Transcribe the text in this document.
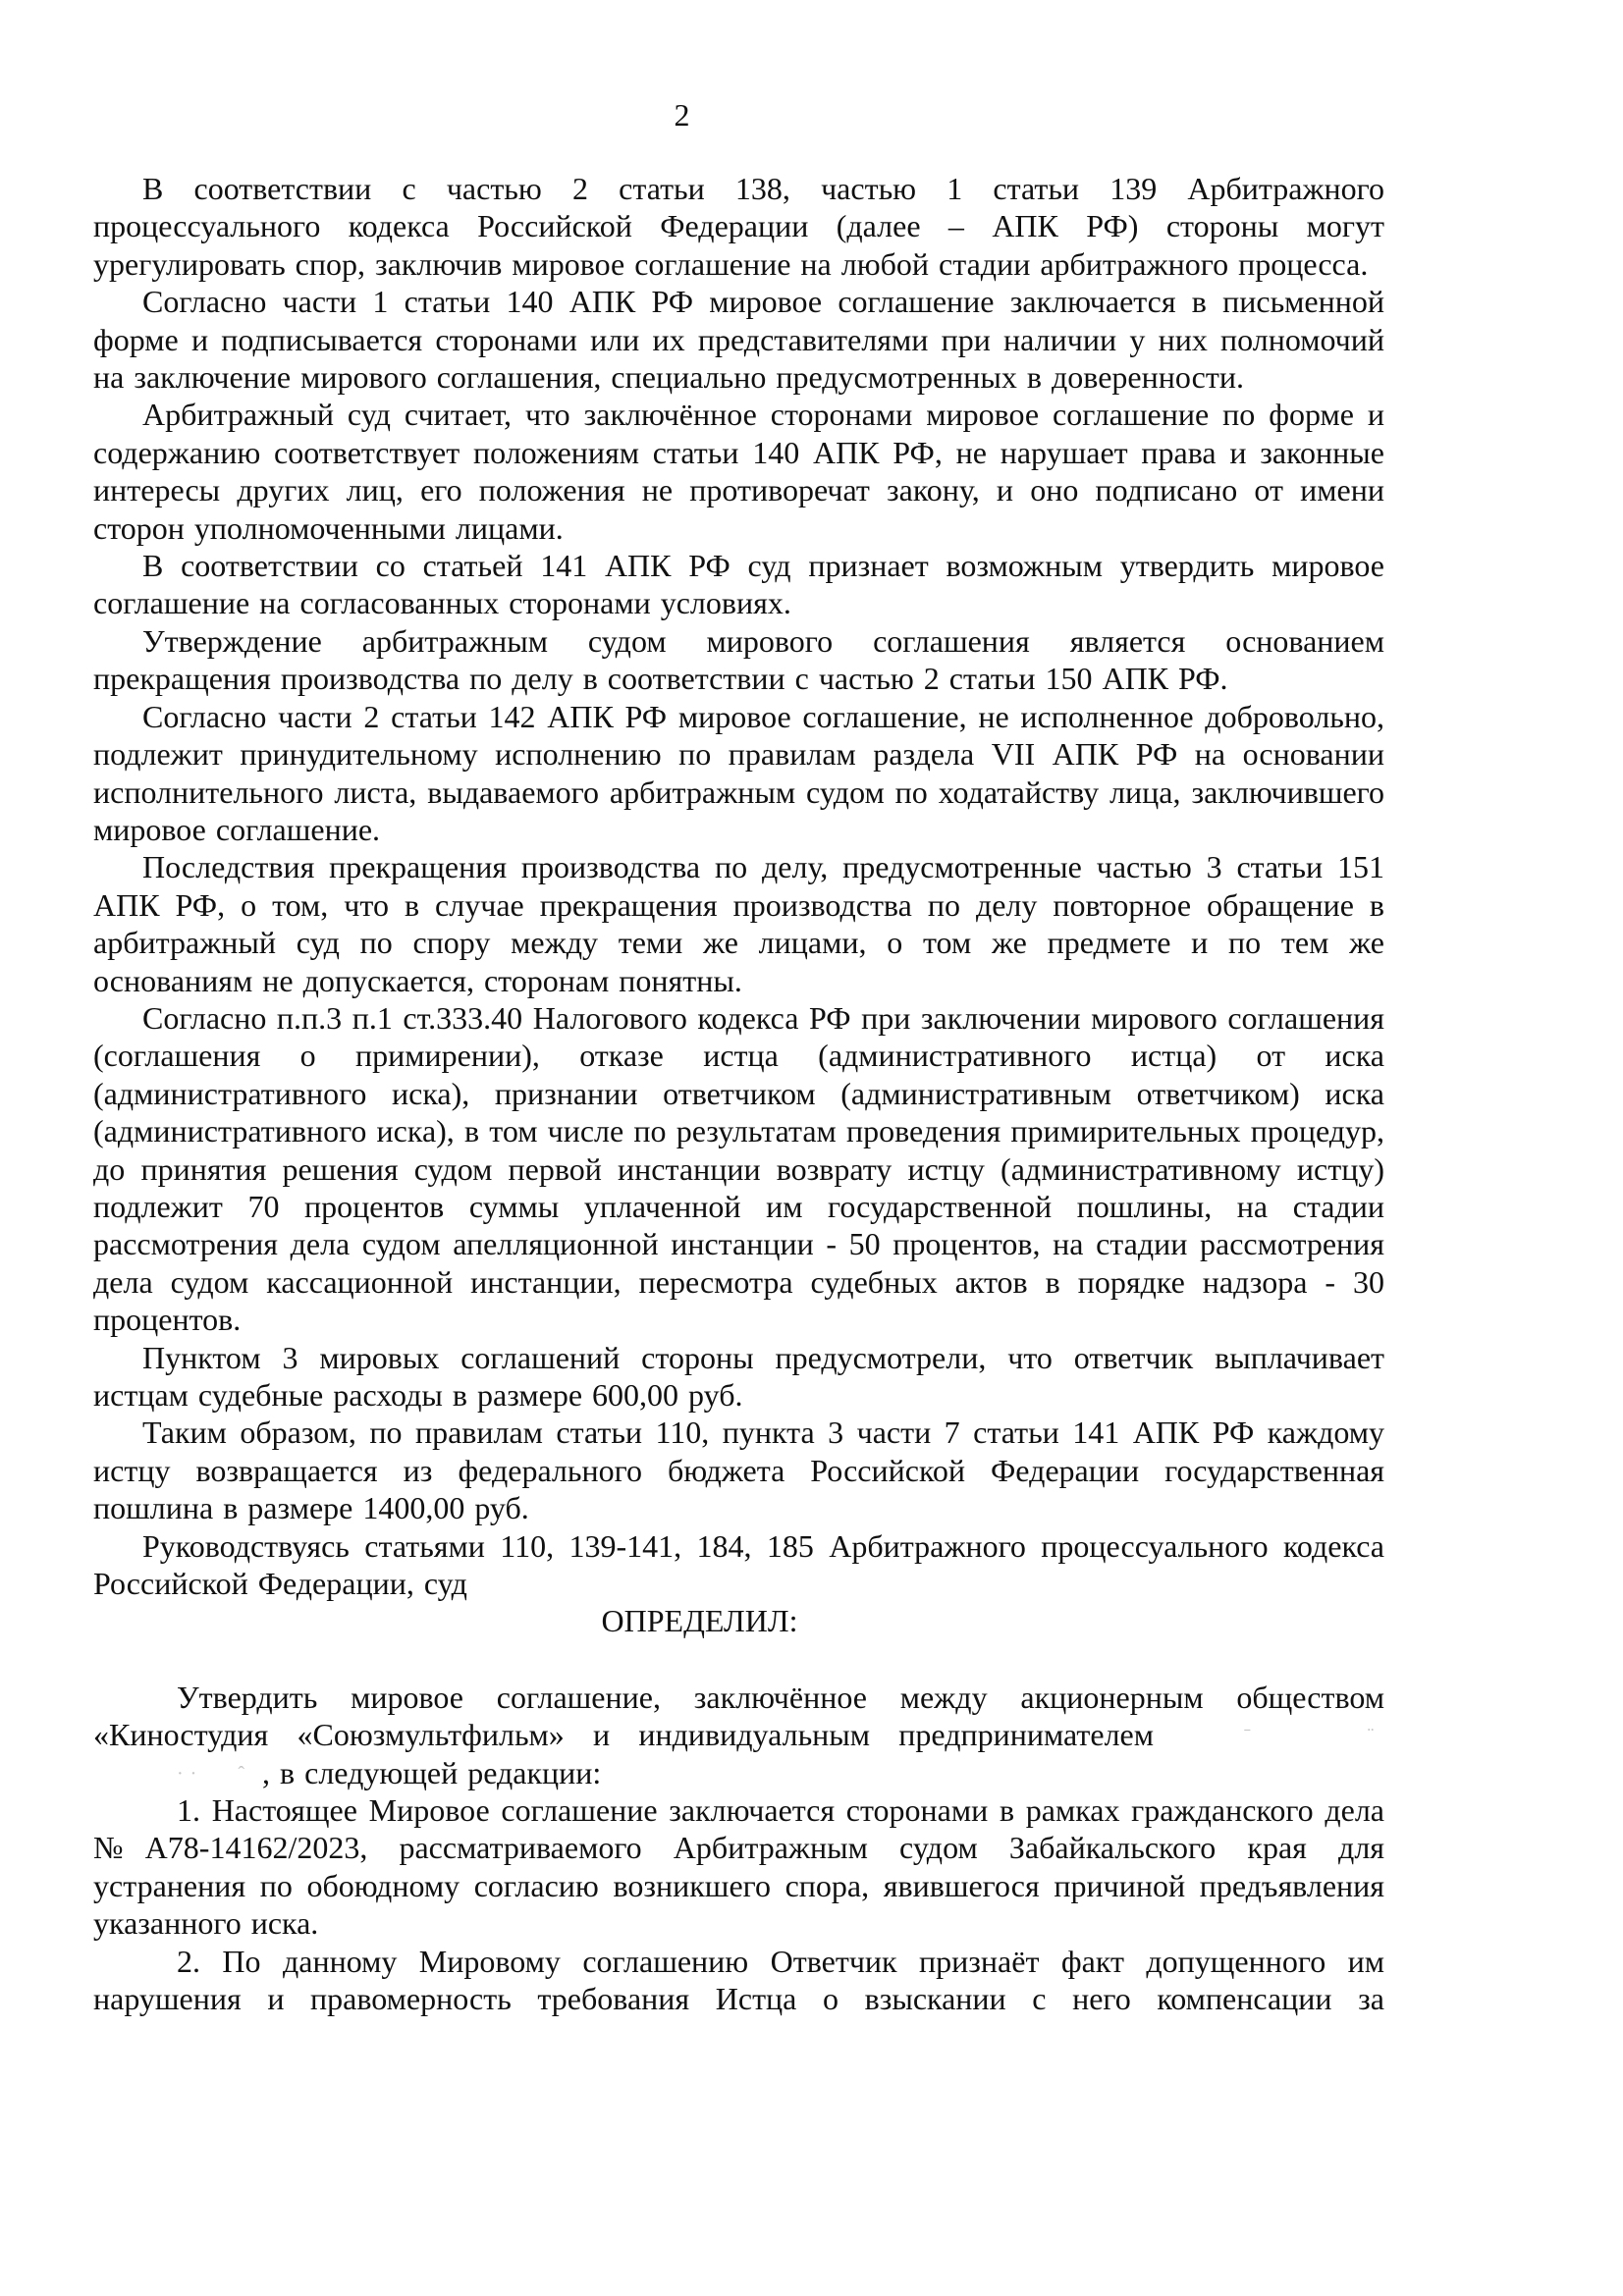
2
В соответствии с частью 2 статьи 138, частью 1 статьи 139 Арбитражного процессуального кодекса Российской Федерации (далее – АПК РФ) стороны могут урегулировать спор, заключив мировое соглашение на любой стадии арбитражного процесса.
Согласно части 1 статьи 140 АПК РФ мировое соглашение заключается в письменной форме и подписывается сторонами или их представителями при наличии у них полномочий на заключение мирового соглашения, специально предусмотренных в доверенности.
Арбитражный суд считает, что заключённое сторонами мировое соглашение по форме и содержанию соответствует положениям статьи 140 АПК РФ, не нарушает права и законные интересы других лиц, его положения не противоречат закону, и оно подписано от имени сторон уполномоченными лицами.
В соответствии со статьей 141 АПК РФ суд признает возможным утвердить мировое соглашение на согласованных сторонами условиях.
Утверждение арбитражным судом мирового соглашения является основанием прекращения производства по делу в соответствии с частью 2 статьи 150 АПК РФ.
Согласно части 2 статьи 142 АПК РФ мировое соглашение, не исполненное добровольно, подлежит принудительному исполнению по правилам раздела VII АПК РФ на основании исполнительного листа, выдаваемого арбитражным судом по ходатайству лица, заключившего мировое соглашение.
Последствия прекращения производства по делу, предусмотренные частью 3 статьи 151 АПК РФ, о том, что в случае прекращения производства по делу повторное обращение в арбитражный суд по спору между теми же лицами, о том же предмете и по тем же основаниям не допускается, сторонам понятны.
Согласно п.п.3 п.1 ст.333.40 Налогового кодекса РФ при заключении мирового соглашения (соглашения о примирении), отказе истца (административного истца) от иска (административного иска), признании ответчиком (административным ответчиком) иска (административного иска), в том числе по результатам проведения примирительных процедур, до принятия решения судом первой инстанции возврату истцу (административному истцу) подлежит 70 процентов суммы уплаченной им государственной пошлины, на стадии рассмотрения дела судом апелляционной инстанции - 50 процентов, на стадии рассмотрения дела судом кассационной инстанции, пересмотра судебных актов в порядке надзора - 30 процентов.
Пунктом 3 мировых соглашений стороны предусмотрели, что ответчик выплачивает истцам судебные расходы в размере 600,00 руб.
Таким образом, по правилам статьи 110, пункта 3 части 7 статьи 141 АПК РФ каждому истцу возвращается из федерального бюджета Российской Федерации государственная пошлина в размере 1400,00 руб.
Руководствуясь статьями 110, 139-141, 184, 185 Арбитражного процессуального кодекса Российской Федерации, суд
ОПРЕДЕЛИЛ:
Утвердить мировое соглашение, заключённое между акционерным обществом «Киностудия «Союзмультфильм» и индивидуальным предпринимателем	ˉ                 ¨· ·      ˆ , в следующей редакции:
1. Настоящее Мировое соглашение заключается сторонами в рамках гражданского дела №А78-14162/2023, рассматриваемого Арбитражным судом Забайкальского края для устранения по обоюдному согласию возникшего спора, явившегося причиной предъявления указанного иска.
2. По данному Мировому соглашению Ответчик признаёт факт допущенного им нарушения и правомерность требования Истца о взыскании с него компенсации за
